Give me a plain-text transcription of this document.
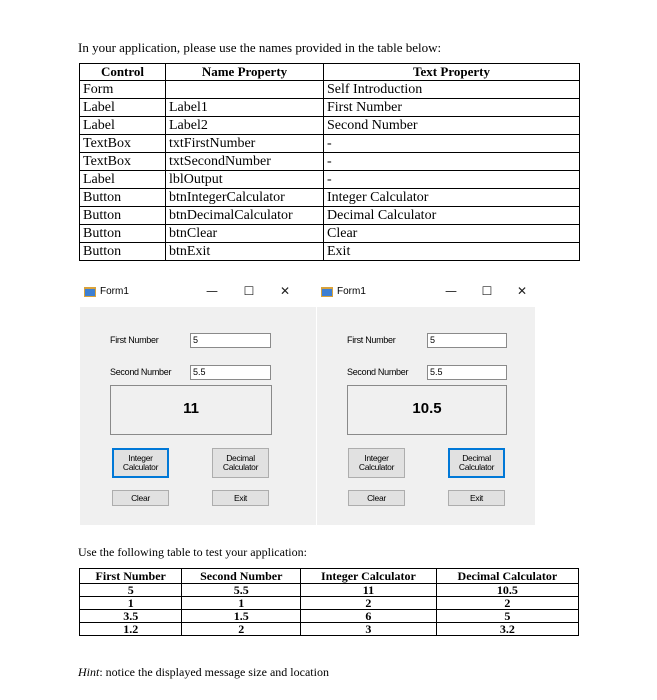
In your application, please use the names provided in the table below:
Control	Name Property	Text Property
Form		Self Introduction
Label	Label1	First Number
Label	Label2	Second Number
TextBox	txtFirstNumber	-
TextBox	txtSecondNumber	-
Label	lblOutput	-
Button	btnIntegerCalculator	Integer Calculator
Button	btnDecimalCalculator	Decimal Calculator
Button	btnClear	Clear
Button	btnExit	Exit
Form1	— ☐ ✕
First Number	5
Second Number	5.5
11
Integer Calculator
Decimal Calculator
Clear	Exit
Form1	— ☐ ✕
First Number	5
Second Number	5.5
10.5
Integer Calculator
Decimal Calculator
Clear	Exit
Use the following table to test your application:
First Number	Second Number	Integer Calculator	Decimal Calculator
5	5.5	11	10.5
1	1	2	2
3.5	1.5	6	5
1.2	2	3	3.2
Hint: notice the displayed message size and location
